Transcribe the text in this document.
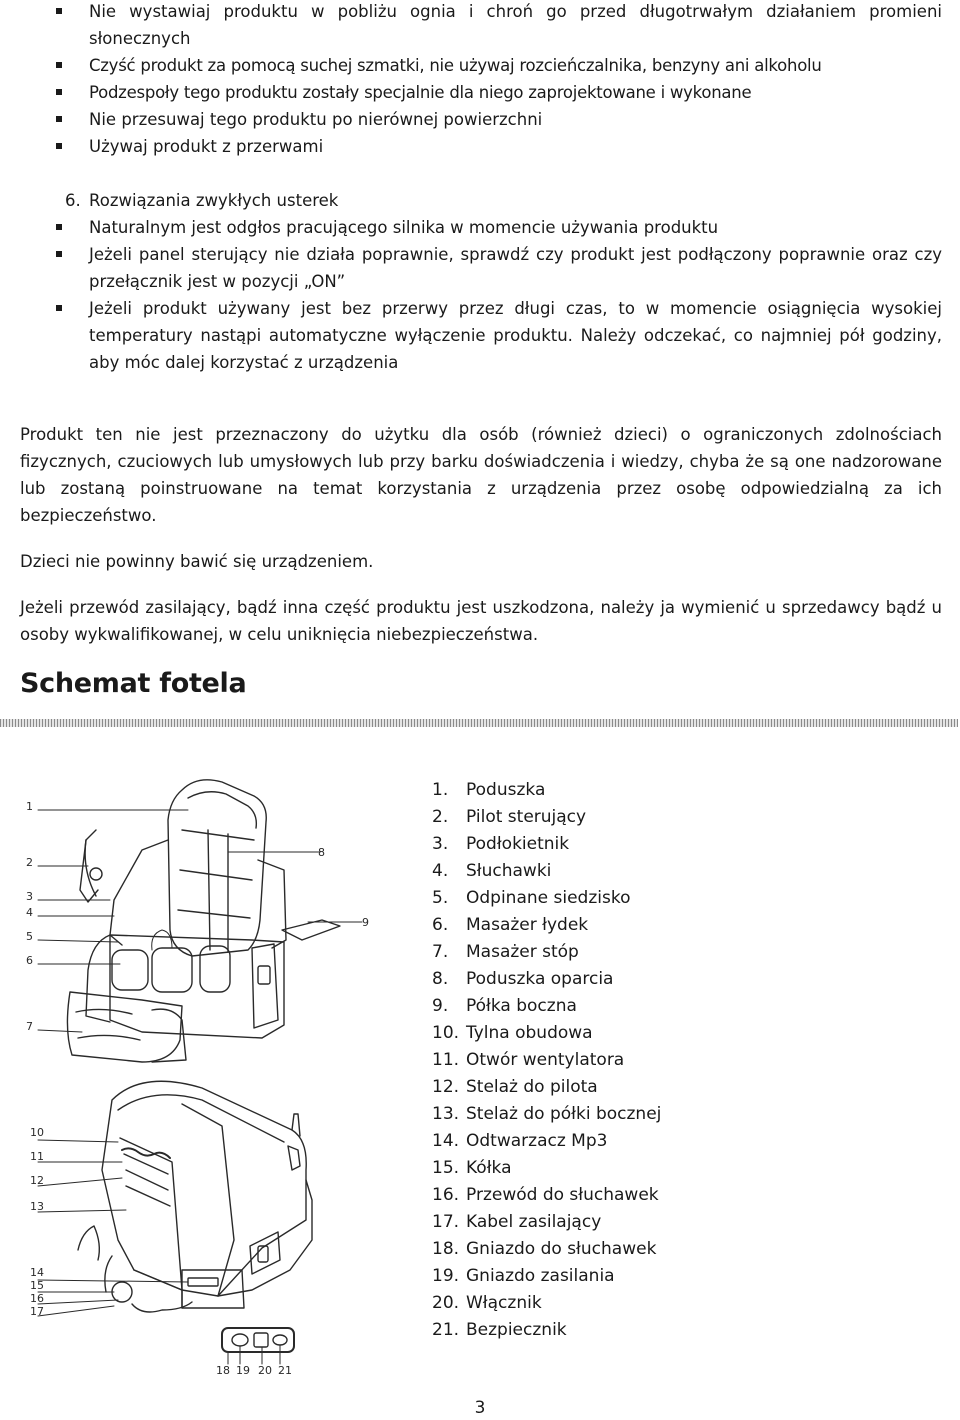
Nie wystawiaj produktu w pobliżu ognia i chroń go przed długotrwałym działaniem promieni słonecznych
Czyść produkt za pomocą suchej szmatki, nie używaj rozcieńczalnika, benzyny ani alkoholu
Podzespoły tego produktu zostały specjalnie dla niego zaprojektowane i wykonane
Nie przesuwaj tego produktu po nierównej powierzchni
Używaj produkt z przerwami
6. Rozwiązania zwykłych usterek
Naturalnym jest odgłos pracującego silnika w momencie używania produktu
Jeżeli panel sterujący nie działa poprawnie, sprawdź czy produkt jest podłączony poprawnie oraz czy przełącznik jest w pozycji „ON”
Jeżeli produkt używany jest bez przerwy przez długi czas, to w momencie osiągnięcia wysokiej temperatury nastąpi automatyczne wyłączenie produktu. Należy odczekać, co najmniej pół godziny, aby móc dalej korzystać z urządzenia

Produkt ten nie jest przeznaczony do użytku dla osób (również dzieci) o ograniczonych zdolnościach fizycznych, czuciowych lub umysłowych lub przy barku doświadczenia i wiedzy, chyba że są one nadzorowane lub zostaną poinstruowane na temat korzystania z urządzenia przez osobę odpowiedzialną za ich bezpieczeństwo.

Dzieci nie powinny bawić się urządzeniem.

Jeżeli przewód zasilający, bądź inna część produktu jest uszkodzona, należy ja wymienić u sprzedawcy bądź u osoby wykwalifikowanej, w celu uniknięcia niebezpieczeństwa.

Schemat fotela
1
2
3
4
5
6
7
8
9
10
11
12
13
14
15
16
17
18 19 20 21
1. Poduszka
2. Pilot sterujący
3. Podłokietnik
4. Słuchawki
5. Odpinane siedzisko
6. Masażer łydek
7. Masażer stóp
8. Poduszka oparcia
9. Półka boczna
10. Tylna obudowa
11. Otwór wentylatora
12. Stelaż do pilota
13. Stelaż do półki bocznej
14. Odtwarzacz Mp3
15. Kółka
16. Przewód do słuchawek
17. Kabel zasilający
18. Gniazdo do słuchawek
19. Gniazdo zasilania
20. Włącznik
21. Bezpiecznik
3
